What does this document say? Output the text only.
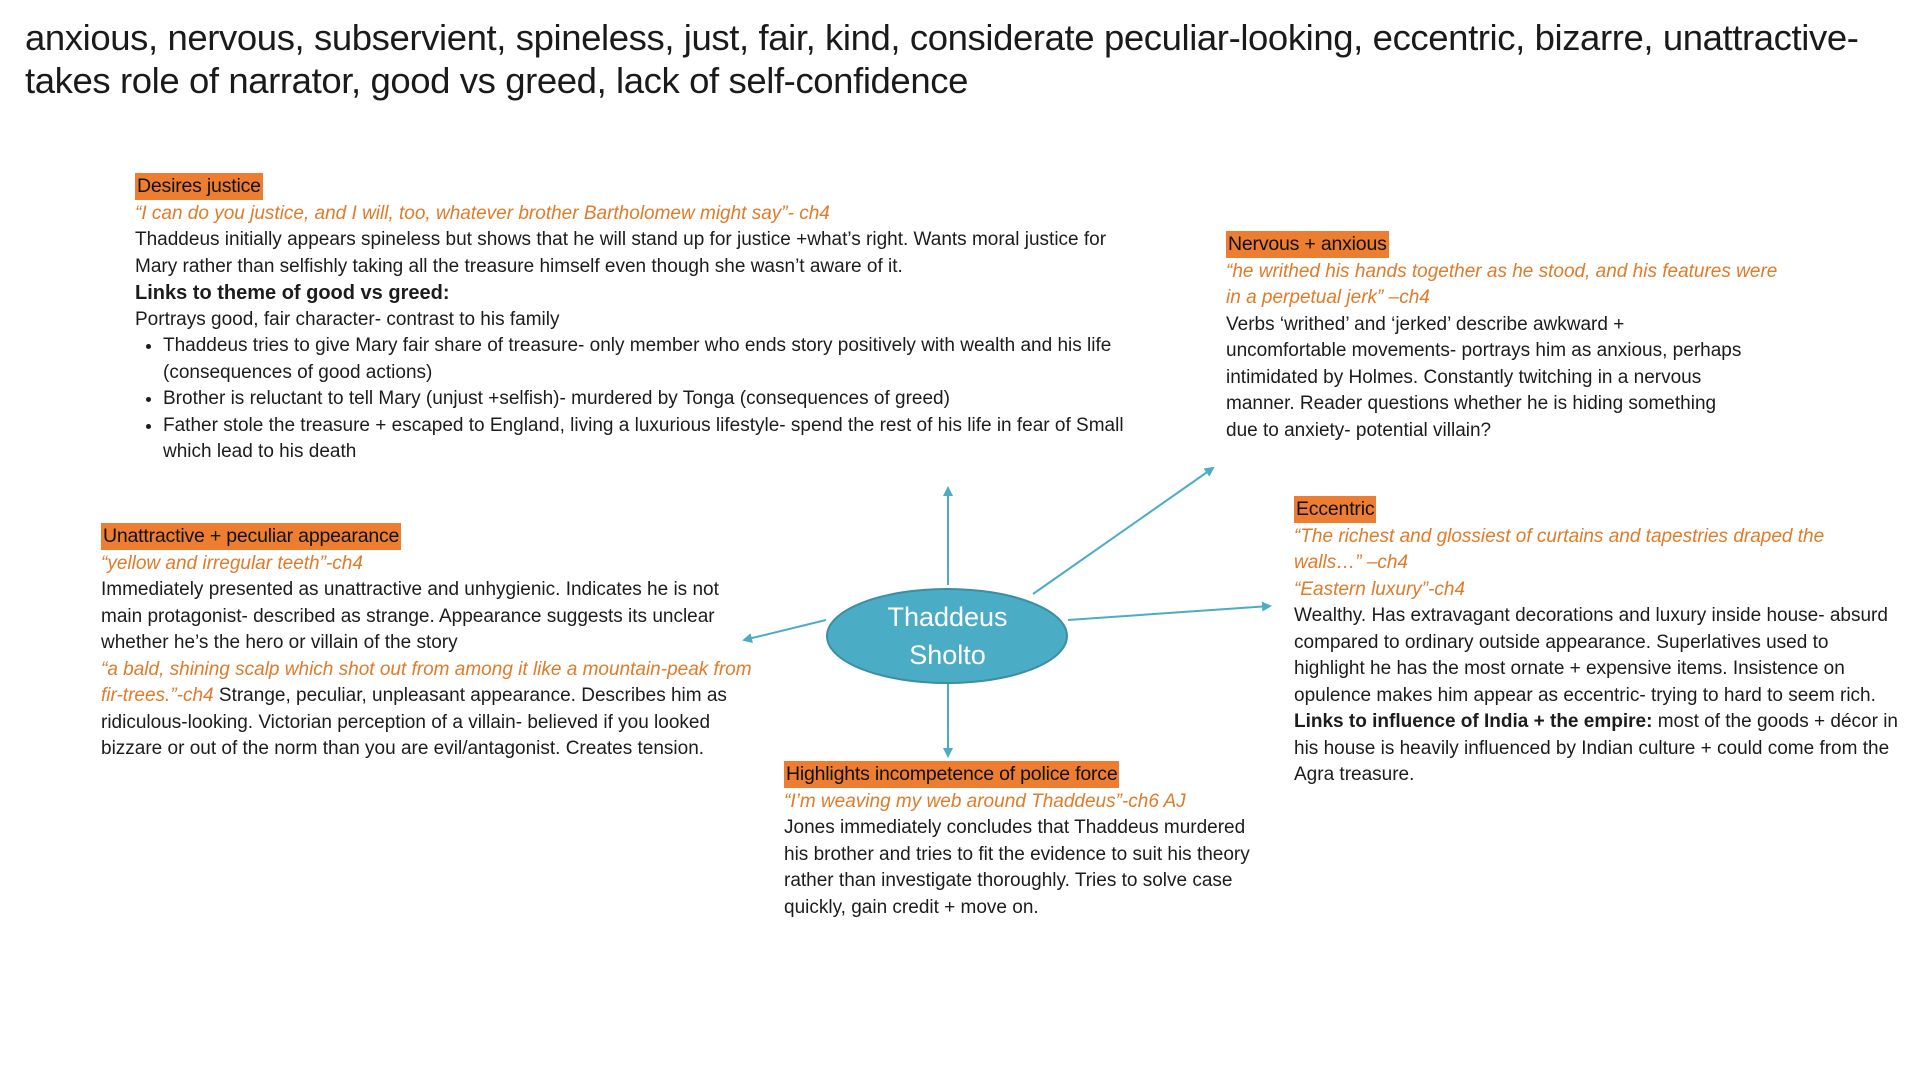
anxious, nervous, subservient, spineless, just, fair, kind, considerate peculiar-looking, eccentric, bizarre, unattractive-
takes role of narrator, good vs greed, lack of self-confidence
Thaddeus
Sholto
Desires justice
“I can do you justice, and I will, too, whatever brother Bartholomew might say”- ch4
Thaddeus initially appears spineless but shows that he will stand up for justice +what’s right. Wants moral justice for Mary rather than selfishly taking all the treasure himself even though she wasn’t aware of it.
Links to theme of good vs greed:
Portrays good, fair character- contrast to his family
• Thaddeus tries to give Mary fair share of treasure- only member who ends story positively with wealth and his life (consequences of good actions)
• Brother is reluctant to tell Mary (unjust +selfish)- murdered by Tonga (consequences of greed)
• Father stole the treasure + escaped to England, living a luxurious lifestyle- spend the rest of his life in fear of Small which lead to his death
Nervous + anxious
“he writhed his hands together as he stood, and his features were in a perpetual jerk” –ch4
Verbs ‘writhed’ and ‘jerked’ describe awkward + uncomfortable movements- portrays him as anxious, perhaps intimidated by Holmes. Constantly twitching in a nervous manner. Reader questions whether he is hiding something due to anxiety- potential villain?
Unattractive + peculiar appearance
“yellow and irregular teeth”-ch4
Immediately presented as unattractive and unhygienic. Indicates he is not main protagonist- described as strange. Appearance suggests its unclear whether he’s the hero or villain of the story
“a bald, shining scalp which shot out from among it like a mountain-peak from fir-trees.”-ch4 Strange, peculiar, unpleasant appearance. Describes him as ridiculous-looking. Victorian perception of a villain- believed if you looked bizzare or out of the norm than you are evil/antagonist. Creates tension.
Eccentric
“The richest and glossiest of curtains and tapestries draped the walls…” –ch4
“Eastern luxury”-ch4
Wealthy. Has extravagant decorations and luxury inside house- absurd compared to ordinary outside appearance. Superlatives used to highlight he has the most ornate + expensive items. Insistence on opulence makes him appear as eccentric- trying to hard to seem rich.
Links to influence of India + the empire: most of the goods + décor in his house is heavily influenced by Indian culture + could come from the Agra treasure.
Highlights incompetence of police force
“I’m weaving my web around Thaddeus”-ch6 AJ
Jones immediately concludes that Thaddeus murdered his brother and tries to fit the evidence to suit his theory rather than investigate thoroughly. Tries to solve case quickly, gain credit + move on.
